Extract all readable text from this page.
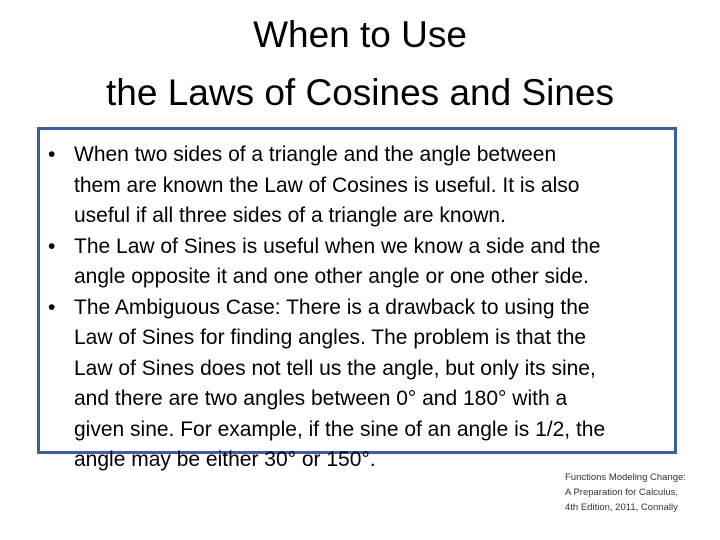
When to Use
the Laws of Cosines and Sines
• When two sides of a triangle and the angle between
them are known the Law of Cosines is useful. It is also
useful if all three sides of a triangle are known.
• The Law of Sines is useful when we know a side and the
angle opposite it and one other angle or one other side.
• The Ambiguous Case: There is a drawback to using the
Law of Sines for finding angles. The problem is that the
Law of Sines does not tell us the angle, but only its sine,
and there are two angles between 0° and 180° with a
given sine. For example, if the sine of an angle is 1/2, the
angle may be either 30° or 150°.
Functions Modeling Change:
A Preparation for Calculus,
4th Edition, 2011, Connally
